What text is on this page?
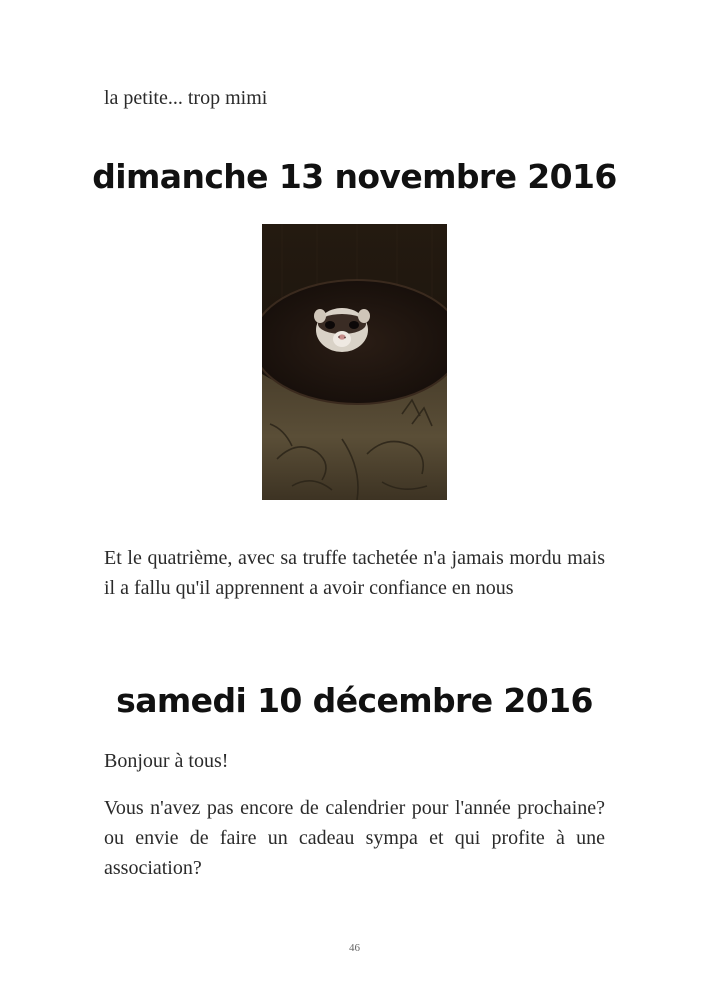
la petite... trop mimi

dimanche 13 novembre 2016

Et le quatrième, avec sa truffe tachetée n'a jamais mordu mais il a fallu qu'il apprennent a avoir confiance en nous

samedi 10 décembre 2016

Bonjour à tous!

Vous n'avez pas encore de calendrier pour l'année prochaine? ou envie de faire un cadeau sympa et qui profite à une association?

46
